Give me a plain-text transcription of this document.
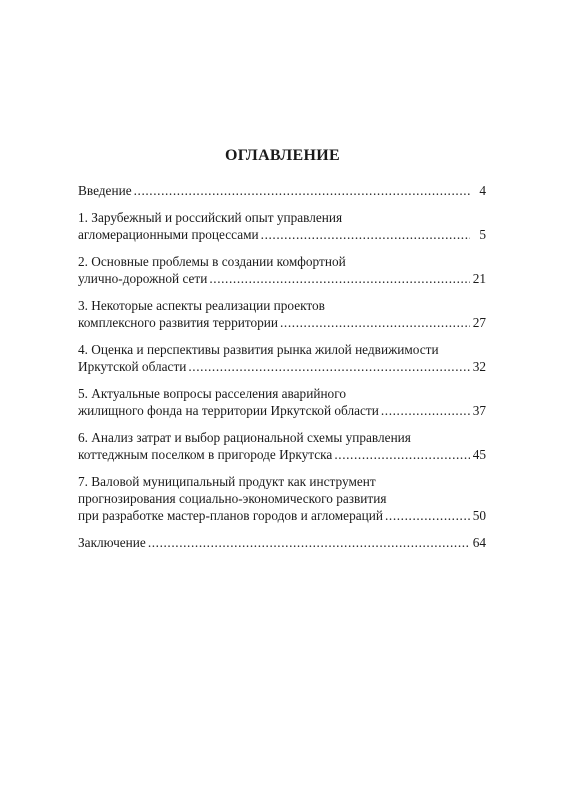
ОГЛАВЛЕНИЕ
Введение .....	4
1. Зарубежный и российский опыт управления
агломерационными процессами .....	5
2. Основные проблемы в создании комфортной
улично-дорожной сети .....	21
3. Некоторые аспекты реализации проектов
комплексного развития территории .....	27
4. Оценка и перспективы развития рынка жилой недвижимости
Иркутской области .....	32
5. Актуальные вопросы расселения аварийного
жилищного фонда на территории Иркутской области .....	37
6. Анализ затрат и выбор рациональной схемы управления
коттеджным поселком в пригороде Иркутска .....	45
7. Валовой муниципальный продукт как инструмент
прогнозирования социально-экономического развития
при разработке мастер-планов городов и агломераций .....	50
Заключение .....	64
